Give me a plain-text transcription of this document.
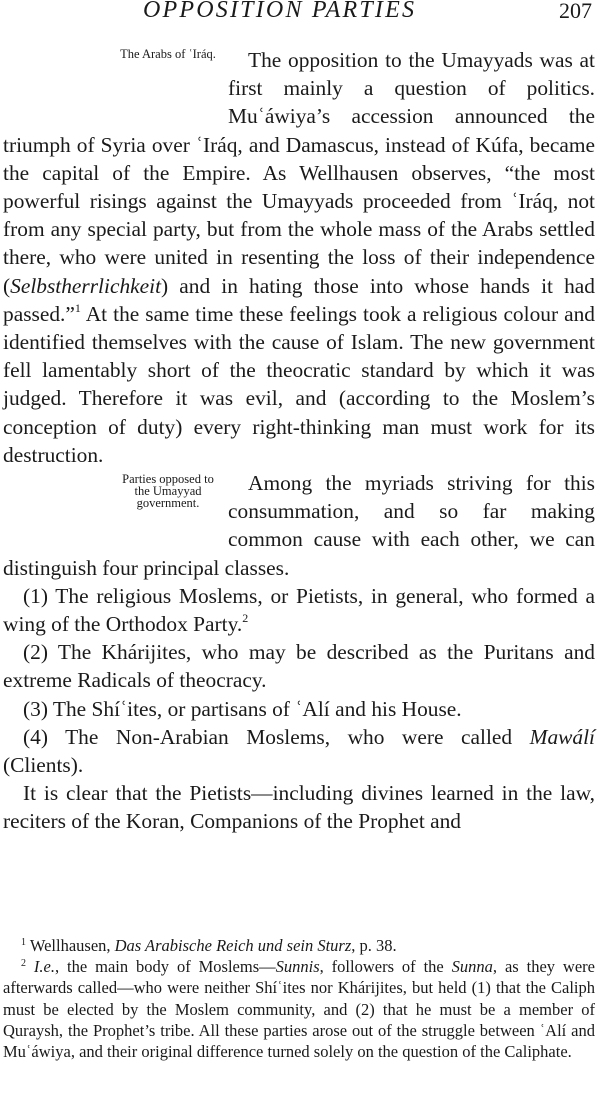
OPPOSITION PARTIES	207

The Arabs of ʿIráq. The opposition to the Umayyads was at first mainly a question of politics. Muʿáwiya’s accession announced the triumph of Syria over ʿIráq, and Damascus, instead of Kúfa, became the capital of the Empire. As Wellhausen observes, “the most powerful risings against the Umayyads proceeded from ʿIráq, not from any special party, but from the whole mass of the Arabs settled there, who were united in resenting the loss of their independence (Selbstherrlichkeit) and in hating those into whose hands it had passed.”$^1$ At the same time these feelings took a religious colour and identified themselves with the cause of Islam. The new government fell lamentably short of the theocratic standard by which it was judged. Therefore it was evil, and (according to the Moslem’s conception of duty) every right-thinking man must work for its destruction.

Parties opposed to the Umayyad government.
Among the myriads striving for this consummation, and so far making common cause with each other, we can distinguish four principal classes.

(1) The religious Moslems, or Pietists, in general, who formed a wing of the Orthodox Party.$^2$

(2) The Khárijites, who may be described as the Puritans and extreme Radicals of theocracy.

(3) The Shíʿites, or partisans of ʿAlí and his House.

(4) The Non-Arabian Moslems, who were called Mawálí (Clients).

It is clear that the Pietists—including divines learned in the law, reciters of the Koran, Companions of the Prophet and

$^1$ Wellhausen, Das Arabische Reich und sein Sturz, p. 38.

$^2$ I.e., the main body of Moslems—Sunnis, followers of the Sunna, as they were afterwards called—who were neither Shíʿites nor Khárijites, but held (1) that the Caliph must be elected by the Moslem community, and (2) that he must be a member of Quraysh, the Prophet’s tribe. All these parties arose out of the struggle between ʿAlí and Muʿáwiya, and their original difference turned solely on the question of the Caliphate.
